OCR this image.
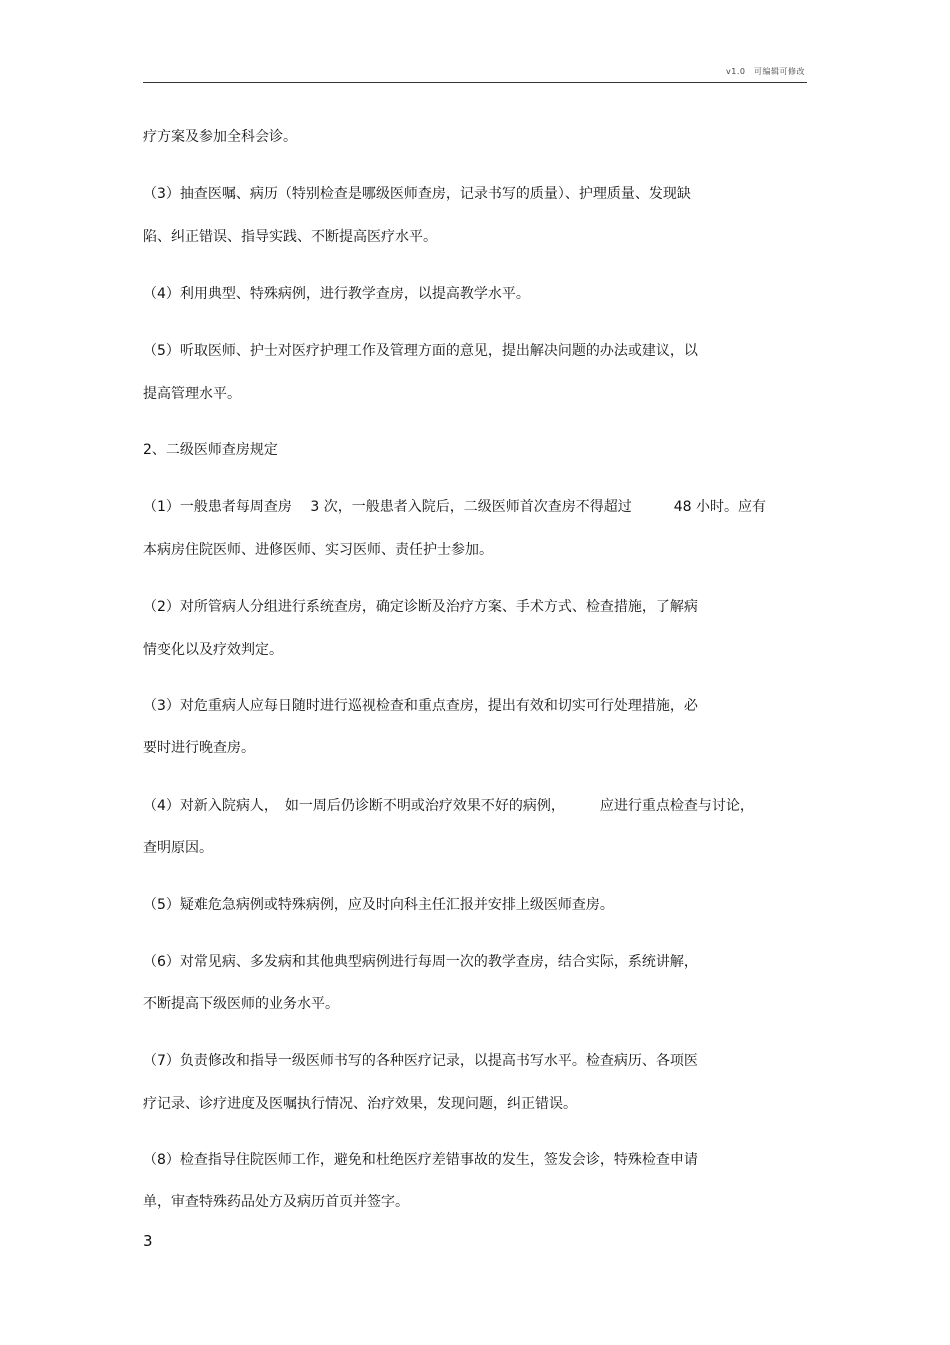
v1.0　可编辑可修改
疗方案及参加全科会诊。
（3）抽查医嘱、病历（特别检查是哪级医师查房，记录书写的质量）、护理质量、发现缺
陷、纠正错误、指导实践、不断提高医疗水平。
（4）利用典型、特殊病例，进行教学查房，以提高教学水平。
（5）听取医师、护士对医疗护理工作及管理方面的意见，提出解决问题的办法或建议，以
提高管理水平。
2、二级医师查房规定
（1）一般患者每周查房　 3 次，一般患者入院后，二级医师首次查房不得超过　　　48 小时。应有
本病房住院医师、进修医师、实习医师、责任护士参加。
（2）对所管病人分组进行系统查房，确定诊断及治疗方案、手术方式、检查措施，了解病
情变化以及疗效判定。
（3）对危重病人应每日随时进行巡视检查和重点查房，提出有效和切实可行处理措施，必
要时进行晚查房。
（4）对新入院病人，　如一周后仍诊断不明或治疗效果不好的病例，　　　应进行重点检查与讨论，
查明原因。
（5）疑难危急病例或特殊病例，应及时向科主任汇报并安排上级医师查房。
（6）对常见病、多发病和其他典型病例进行每周一次的教学查房，结合实际，系统讲解，
不断提高下级医师的业务水平。
（7）负责修改和指导一级医师书写的各种医疗记录，以提高书写水平。检查病历、各项医
疗记录、诊疗进度及医嘱执行情况、治疗效果，发现问题，纠正错误。
（8）检查指导住院医师工作，避免和杜绝医疗差错事故的发生，签发会诊，特殊检查申请
单，审查特殊药品处方及病历首页并签字。
3
